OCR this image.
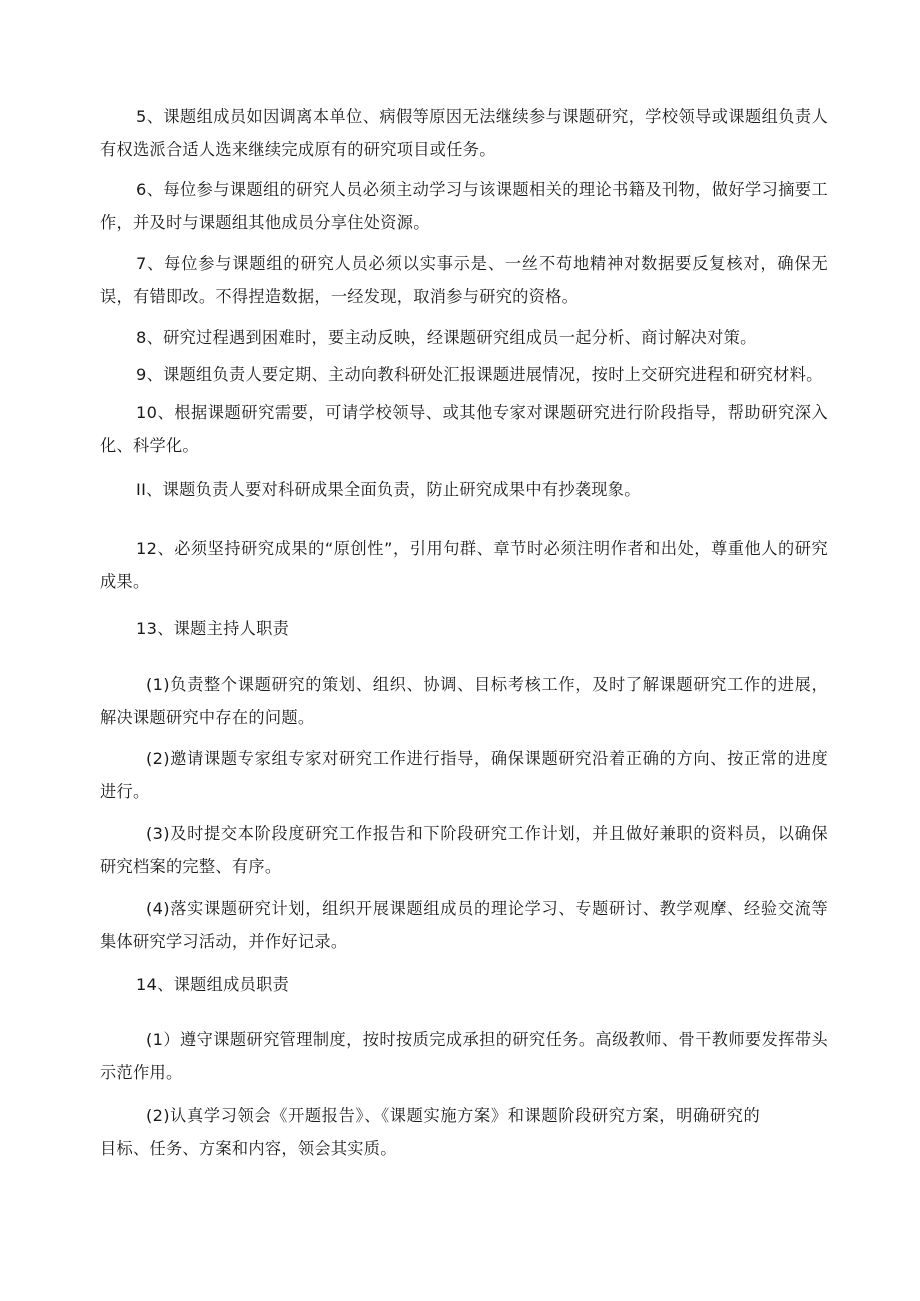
5、课题组成员如因调离本单位、病假等原因无法继续参与课题研究，学校领导或课题组负责人有权选派合适人选来继续完成原有的研究项目或任务。

6、每位参与课题组的研究人员必须主动学习与该课题相关的理论书籍及刊物，做好学习摘要工作，并及时与课题组其他成员分享住处资源。

7、每位参与课题组的研究人员必须以实事示是、一丝不苟地精神对数据要反复核对，确保无误，有错即改。不得捏造数据，一经发现，取消参与研究的资格。

8、研究过程遇到困难时，要主动反映，经课题研究组成员一起分析、商讨解决对策。

9、课题组负责人要定期、主动向教科研处汇报课题进展情况，按时上交研究进程和研究材料。

10、根据课题研究需要，可请学校领导、或其他专家对课题研究进行阶段指导，帮助研究深入化、科学化。

II、课题负责人要对科研成果全面负责，防止研究成果中有抄袭现象。

12、必须坚持研究成果的“原创性”，引用句群、章节时必须注明作者和出处，尊重他人的研究成果。

13、课题主持人职责

(1)负责整个课题研究的策划、组织、协调、目标考核工作，及时了解课题研究工作的进展，解决课题研究中存在的问题。

(2)邀请课题专家组专家对研究工作进行指导，确保课题研究沿着正确的方向、按正常的进度进行。

(3)及时提交本阶段度研究工作报告和下阶段研究工作计划，并且做好兼职的资料员，以确保研究档案的完整、有序。

(4)落实课题研究计划，组织开展课题组成员的理论学习、专题研讨、教学观摩、经验交流等集体研究学习活动，并作好记录。

14、课题组成员职责

(1）遵守课题研究管理制度，按时按质完成承担的研究任务。高级教师、骨干教师要发挥带头示范作用。

(2)认真学习领会《开题报告》、《课题实施方案》和课题阶段研究方案，明确研究的目标、任务、方案和内容，领会其实质。
